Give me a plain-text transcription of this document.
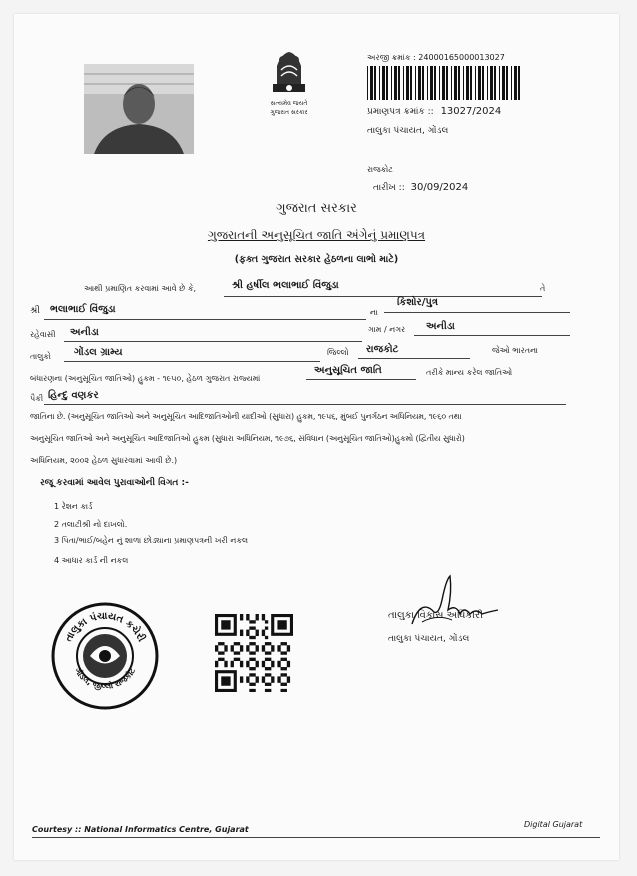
સત્યમેવ જયતે
ગુજરાત સરકાર
અરજી ક્રમાંક : 24000165000013027
પ્રમાણપત્ર ક્રમાંક :: 13027/2024
તાલુકા પંચાયત, ગોંડલ
રાજકોટ
તારીખ :: 30/09/2024
ગુજરાત સરકાર
ગુજરાતની અનુસૂચિત જાતિ અંગેનું પ્રમાણપત્ર
(ફક્ત ગુજરાત સરકાર હેઠળના લાભો માટે)
આથી પ્રમાણિત કરવામાં આવે છે કે,	શ્રી હર્ષીલ ભલાભાઈ વિંજુડા	તે
શ્રી ભલાભાઈ વિંજુડા	ના
કિશોર/પુત્ર
રહેવાસી અનીડા	ગામ / નગર અનીડા
તાલુકો ગોંડલ ગ્રામ્ય	જિલ્લો રાજકોટ	જેઓ ભારતના
બંધારણના (અનુસૂચિત જાતિઓ) હુકમ - ૧૯૫૦, હેઠળ ગુજરાત રાજ્યમાં
અનુસૂચિત જાતિ	તરીકે માન્ય કરેલ જાતિઓ
પૈકી હિન્દુ વણકર
જાતિના છે. (અનુસૂચિત જાતિઓ અને અનુસૂચિત આદિજાતિઓની યાદીઓ (સુધારા) હુકમ, ૧૯૫૬, મુંબઈ પુનર્ગઠન અધિનિયમ, ૧૯૬૦ તથા
અનુસૂચિત જાતિઓ અને અનુસૂચિત આદિજાતિઓ હુકમ (સુધારા અધિનિયમ, ૧૯૭૬, સંવિધાન (અનુસૂચિત જાતિઓ)હુકમો (દ્વિતીય સુધારો)
અધિનિયમ, ૨૦૦૨ હેઠળ સુધારવામાં આવી છે.)
રજૂ કરવામાં આવેલ પુરાવાઓની વિગત :-
1 રેશન કાર્ડ
2 તલાટીશ્રી નો દાખલો.
3 પિતા/ભાઈ/બહેન નું શાળા છોડ્યાના પ્રમાણપત્રની ખરી નકલ
4 આધાર કાર્ડ ની નકલ
તાલુકા પંચાયત કચેરી
ગોંડલ, જીલ્લો રાજકોટ
તાલુકા વિકાસ અધિકારી
તાલુકા પંચાયત, ગોંડલ
Courtesy :: National Informatics Centre, Gujarat
Digital Gujarat
